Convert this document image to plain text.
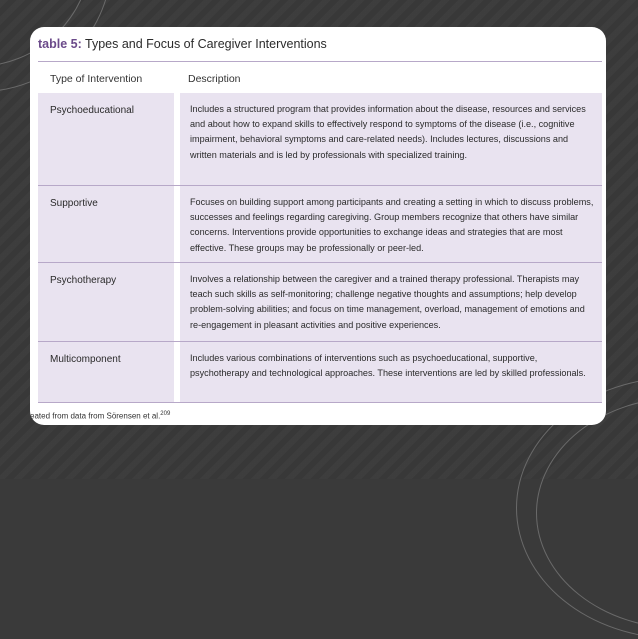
table 5: Types and Focus of Caregiver Interventions
Type of Intervention	Description
Psychoeducational	Includes a structured program that provides information about the disease, resources and services and about how to expand skills to effectively respond to symptoms of the disease (i.e., cognitive impairment, behavioral symptoms and care-related needs). Includes lectures, discussions and written materials and is led by professionals with specialized training.

Supportive	Focuses on building support among participants and creating a setting in which to discuss problems, successes and feelings regarding caregiving. Group members recognize that others have similar concerns. Interventions provide opportunities to exchange ideas and strategies that are most effective. These groups may be professionally or peer-led.

Psychotherapy	Involves a relationship between the caregiver and a trained therapy professional. Therapists may teach such skills as self-monitoring; challenge negative thoughts and assumptions; help develop problem-solving abilities; and focus on time management, overload, management of emotions and re-engagement in pleasant activities and positive experiences.

Multicomponent	Includes various combinations of interventions such as psychoeducational, supportive, psychotherapy and technological approaches. These interventions are led by skilled professionals.

eated from data from Sörensen et al.$^{209}$
